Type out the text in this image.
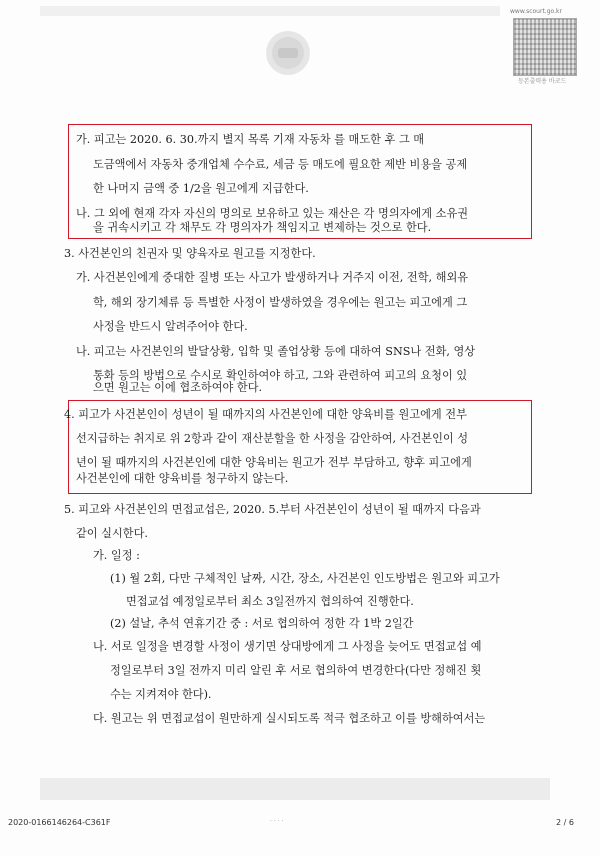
www.scourt.go.kr
등본출력용 바코드
가. 피고는 2020. 6. 30.까지 별지 목록 기재 자동차 를 매도한 후 그 매
도금액에서 자동차 중개업체 수수료, 세금 등 매도에 필요한 제반 비용을 공제
한 나머지 금액 중 1/2을 원고에게 지급한다.
나. 그 외에 현재 각자 자신의 명의로 보유하고 있는 재산은 각 명의자에게 소유권
을 귀속시키고 각 채무도 각 명의자가 책임지고 변제하는 것으로 한다.
3. 사건본인의 친권자 및 양육자로 원고를 지정한다.
가. 사건본인에게 중대한 질병 또는 사고가 발생하거나 거주지 이전, 전학, 해외유
학, 해외 장기체류 등 특별한 사정이 발생하였을 경우에는 원고는 피고에게 그
사정을 반드시 알려주어야 한다.
나. 피고는 사건본인의 발달상황, 입학 및 졸업상황 등에 대하여 SNS나 전화, 영상
통화 등의 방법으로 수시로 확인하여야 하고, 그와 관련하여 피고의 요청이 있
으면 원고는 이에 협조하여야 한다.
4. 피고가 사건본인이 성년이 될 때까지의 사건본인에 대한 양육비를 원고에게 전부
선지급하는 취지로 위 2항과 같이 재산분할을 한 사정을 감안하여, 사건본인이 성
년이 될 때까지의 사건본인에 대한 양육비는 원고가 전부 부담하고, 향후 피고에게
사건본인에 대한 양육비를 청구하지 않는다.
5. 피고와 사건본인의 면접교섭은, 2020. 5.부터 사건본인이 성년이 될 때까지 다음과
같이 실시한다.
가. 일정 :
(1) 월 2회, 다만 구체적인 날짜, 시간, 장소, 사건본인 인도방법은 원고와 피고가
면접교섭 예정일로부터 최소 3일전까지 협의하여 진행한다.
(2) 설날, 추석 연휴기간 중 : 서로 협의하여 정한 각 1박 2일간
나. 서로 일정을 변경할 사정이 생기면 상대방에게 그 사정을 늦어도 면접교섭 예
정일로부터 3일 전까지 미리 알린 후 서로 협의하여 변경한다(다만 정해진 횟
수는 지켜져야 한다).
다. 원고는 위 면접교섭이 원만하게 실시되도록 적극 협조하고 이를 방해하여서는
2020-0166146264-C361F	2 / 6
· · · ·
